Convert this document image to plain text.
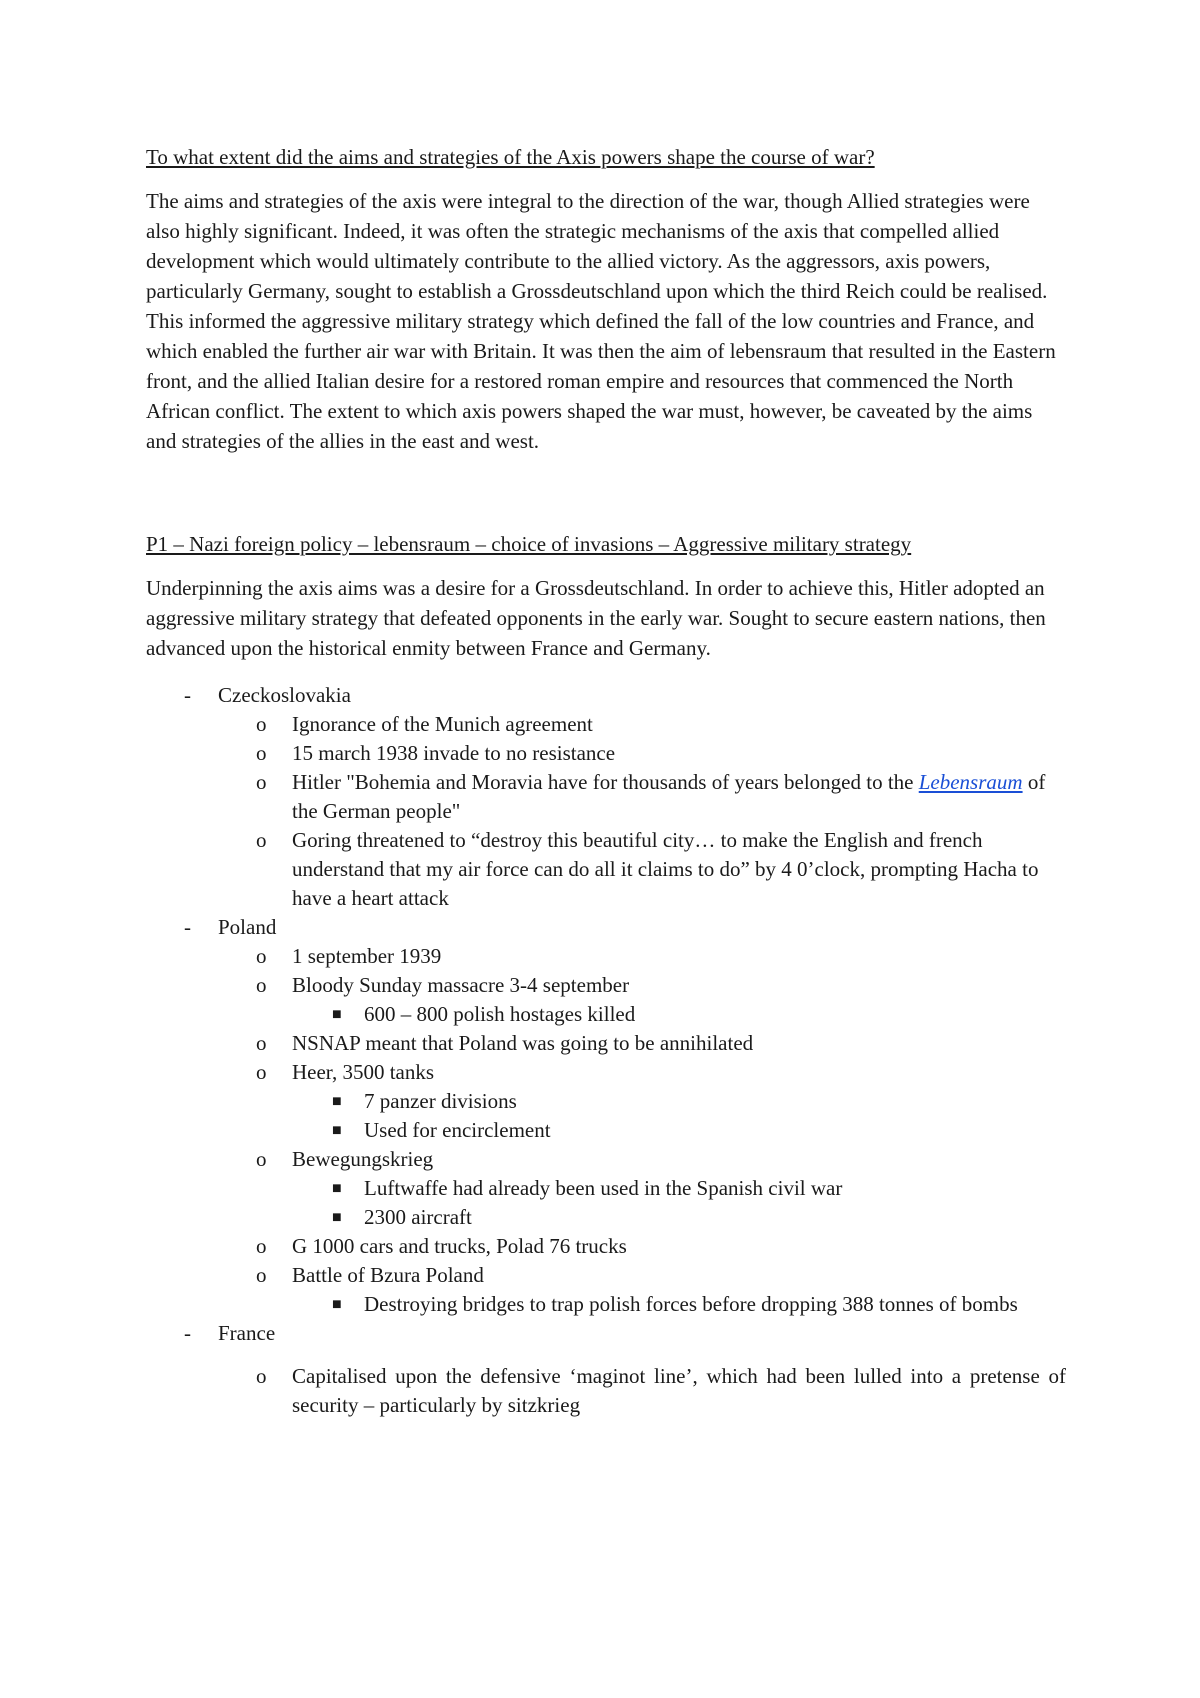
To what extent did the aims and strategies of the Axis powers shape the course of war?

The aims and strategies of the axis were integral to the direction of the war, though Allied strategies were also highly significant. Indeed, it was often the strategic mechanisms of the axis that compelled allied development which would ultimately contribute to the allied victory. As the aggressors, axis powers, particularly Germany, sought to establish a Grossdeutschland upon which the third Reich could be realised. This informed the aggressive military strategy which defined the fall of the low countries and France, and which enabled the further air war with Britain. It was then the aim of lebensraum that resulted in the Eastern front, and the allied Italian desire for a restored roman empire and resources that commenced the North African conflict. The extent to which axis powers shaped the war must, however, be caveated by the aims and strategies of the allies in the east and west.

P1 – Nazi foreign policy – lebensraum – choice of invasions – Aggressive military strategy

Underpinning the axis aims was a desire for a Grossdeutschland. In order to achieve this, Hitler adopted an aggressive military strategy that defeated opponents in the early war. Sought to secure eastern nations, then advanced upon the historical enmity between France and Germany.

- Czeckoslovakia
o Ignorance of the Munich agreement
o 15 march 1938 invade to no resistance
o Hitler "Bohemia and Moravia have for thousands of years belonged to the Lebensraum of the German people"
o Goring threatened to “destroy this beautiful city… to make the English and french understand that my air force can do all it claims to do” by 4 0’clock, prompting Hacha to have a heart attack
- Poland
o 1 september 1939
o Bloody Sunday massacre 3-4 september
■ 600 – 800 polish hostages killed
o NSNAP meant that Poland was going to be annihilated
o Heer, 3500 tanks
■ 7 panzer divisions
■ Used for encirclement
o Bewegungskrieg
■ Luftwaffe had already been used in the Spanish civil war
■ 2300 aircraft
o G 1000 cars and trucks, Polad 76 trucks
o Battle of Bzura Poland
■ Destroying bridges to trap polish forces before dropping 388 tonnes of bombs
- France
o Capitalised upon the defensive ‘maginot line’, which had been lulled into a pretense of security – particularly by sitzkrieg
